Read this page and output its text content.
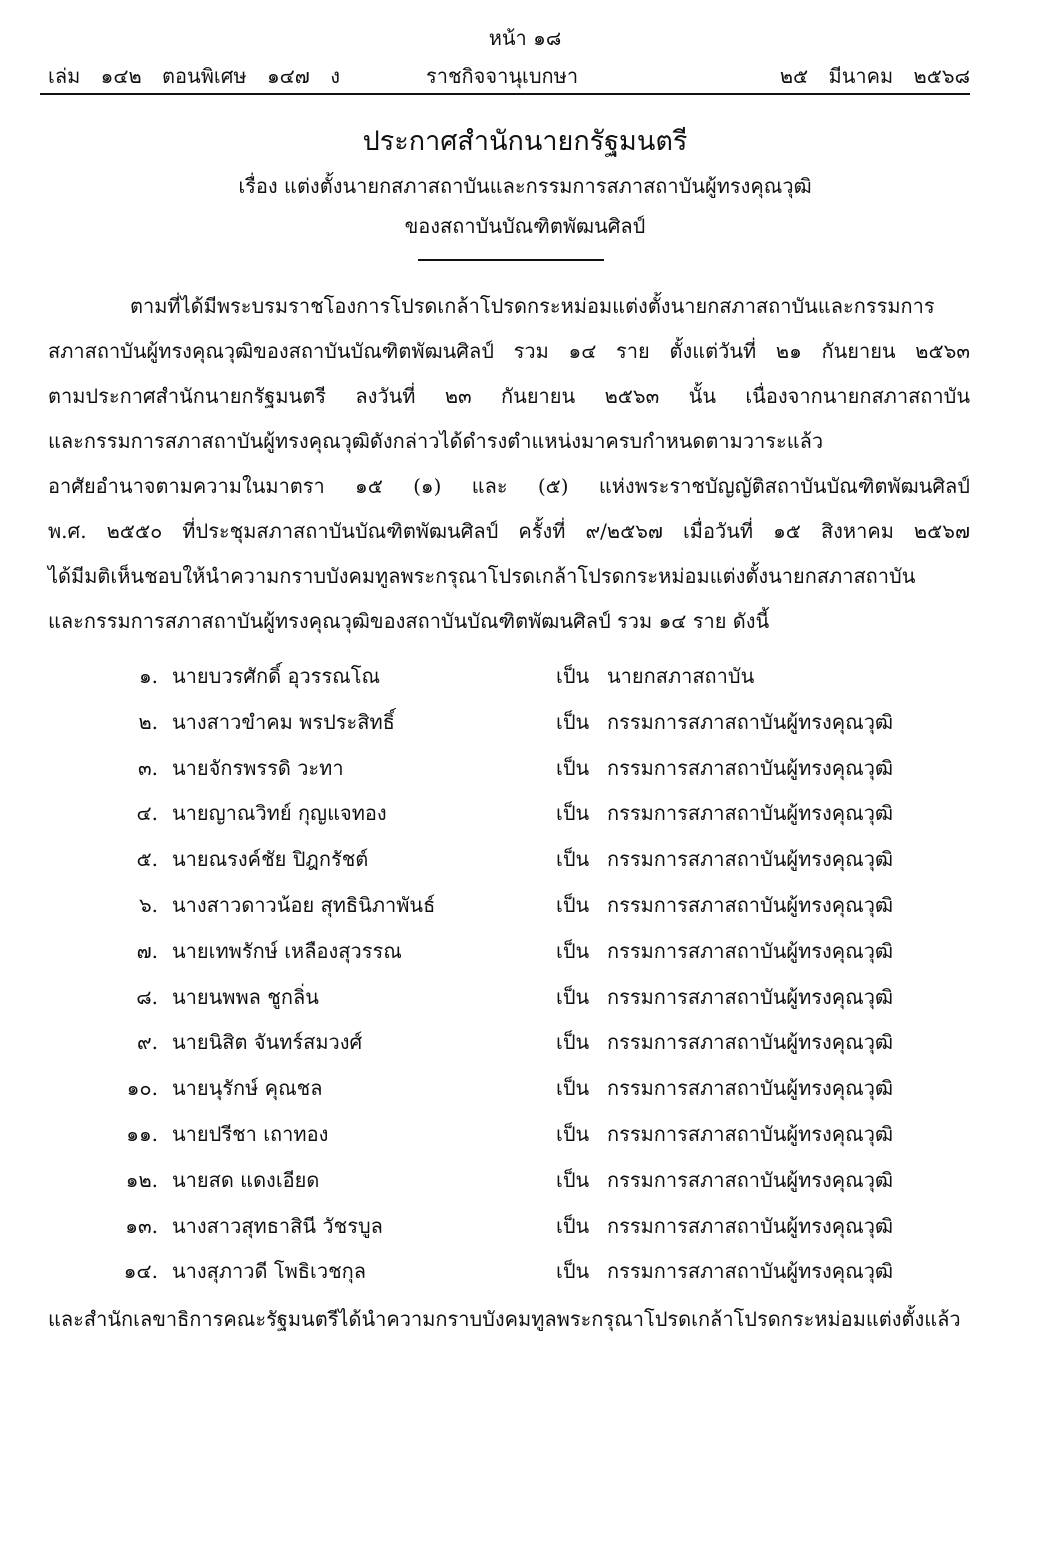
หน้า ๑๘
เล่ม ๑๔๒ ตอนพิเศษ ๑๔๗ ง	ราชกิจจานุเบกษา	๒๕ มีนาคม ๒๕๖๘
ประกาศสำนักนายกรัฐมนตรี
เรื่อง แต่งตั้งนายกสภาสถาบันและกรรมการสภาสถาบันผู้ทรงคุณวุฒิ
ของสถาบันบัณฑิตพัฒนศิลป์
ตามที่ได้มีพระบรมราชโองการโปรดเกล้าโปรดกระหม่อมแต่งตั้งนายกสภาสถาบันและกรรมการ
สภาสถาบันผู้ทรงคุณวุฒิของสถาบันบัณฑิตพัฒนศิลป์ รวม ๑๔ ราย ตั้งแต่วันที่ ๒๑ กันยายน ๒๕๖๓
ตามประกาศสำนักนายกรัฐมนตรี ลงวันที่ ๒๓ กันยายน ๒๕๖๓ นั้น เนื่องจากนายกสภาสถาบัน
และกรรมการสภาสถาบันผู้ทรงคุณวุฒิดังกล่าวได้ดำรงตำแหน่งมาครบกำหนดตามวาระแล้ว
อาศัยอำนาจตามความในมาตรา ๑๕ (๑) และ (๕) แห่งพระราชบัญญัติสถาบันบัณฑิตพัฒนศิลป์
พ.ศ. ๒๕๕๐ ที่ประชุมสภาสถาบันบัณฑิตพัฒนศิลป์ ครั้งที่ ๙/๒๕๖๗ เมื่อวันที่ ๑๕ สิงหาคม ๒๕๖๗
ได้มีมติเห็นชอบให้นำความกราบบังคมทูลพระกรุณาโปรดเกล้าโปรดกระหม่อมแต่งตั้งนายกสภาสถาบัน
และกรรมการสภาสถาบันผู้ทรงคุณวุฒิของสถาบันบัณฑิตพัฒนศิลป์ รวม ๑๔ ราย ดังนี้
๑. นายบวรศักดิ์ อุวรรณโณ	เป็น นายกสภาสถาบัน
๒. นางสาวขำคม พรประสิทธิ์	เป็น กรรมการสภาสถาบันผู้ทรงคุณวุฒิ
๓. นายจักรพรรดิ วะทา	เป็น กรรมการสภาสถาบันผู้ทรงคุณวุฒิ
๔. นายญาณวิทย์ กุญแจทอง	เป็น กรรมการสภาสถาบันผู้ทรงคุณวุฒิ
๕. นายณรงค์ชัย ปิฎกรัชต์	เป็น กรรมการสภาสถาบันผู้ทรงคุณวุฒิ
๖. นางสาวดาวน้อย สุทธินิภาพันธ์	เป็น กรรมการสภาสถาบันผู้ทรงคุณวุฒิ
๗. นายเทพรักษ์ เหลืองสุวรรณ	เป็น กรรมการสภาสถาบันผู้ทรงคุณวุฒิ
๘. นายนพพล ชูกลิ่น	เป็น กรรมการสภาสถาบันผู้ทรงคุณวุฒิ
๙. นายนิสิต จันทร์สมวงศ์	เป็น กรรมการสภาสถาบันผู้ทรงคุณวุฒิ
๑๐. นายนุรักษ์ คุณชล	เป็น กรรมการสภาสถาบันผู้ทรงคุณวุฒิ
๑๑. นายปรีชา เถาทอง	เป็น กรรมการสภาสถาบันผู้ทรงคุณวุฒิ
๑๒. นายสด แดงเอียด	เป็น กรรมการสภาสถาบันผู้ทรงคุณวุฒิ
๑๓. นางสาวสุทธาสินี วัชรบูล	เป็น กรรมการสภาสถาบันผู้ทรงคุณวุฒิ
๑๔. นางสุภาวดี โพธิเวชกุล	เป็น กรรมการสภาสถาบันผู้ทรงคุณวุฒิ
และสำนักเลขาธิการคณะรัฐมนตรีได้นำความกราบบังคมทูลพระกรุณาโปรดเกล้าโปรดกระหม่อมแต่งตั้งแล้ว
